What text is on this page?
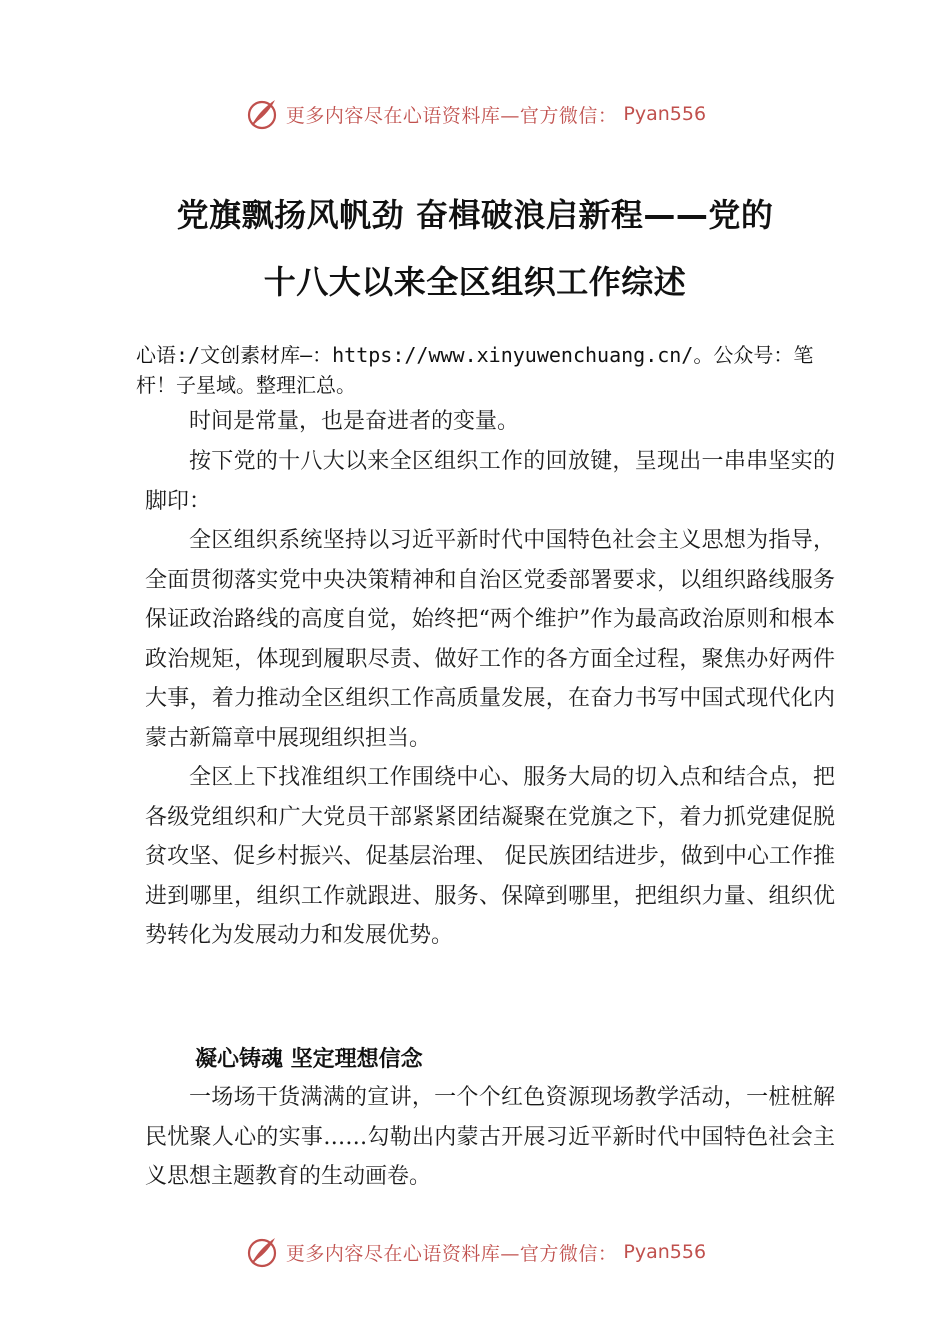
更多内容尽在心语资料库—官方微信： Pyan556
党旗飘扬风帆劲 奋楫破浪启新程——党的
十八大以来全区组织工作综述
心语:/文创素材库—：https://www.xinyuwenchuang.cn/。公众号：笔杆！子星域。整理汇总。

时间是常量，也是奋进者的变量。

按下党的十八大以来全区组织工作的回放键，呈现出一串串坚实的脚印：

全区组织系统坚持以习近平新时代中国特色社会主义思想为指导，全面贯彻落实党中央决策精神和自治区党委部署要求，以组织路线服务保证政治路线的高度自觉，始终把“两个维护”作为最高政治原则和根本政治规矩，体现到履职尽责、做好工作的各方面全过程，聚焦办好两件大事，着力推动全区组织工作高质量发展，在奋力书写中国式现代化内蒙古新篇章中展现组织担当。

全区上下找准组织工作围绕中心、服务大局的切入点和结合点，把各级党组织和广大党员干部紧紧团结凝聚在党旗之下，着力抓党建促脱贫攻坚、促乡村振兴、促基层治理、 促民族团结进步，做到中心工作推进到哪里，组织工作就跟进、服务、保障到哪里，把组织力量、组织优势转化为发展动力和发展优势。

凝心铸魂 坚定理想信念

一场场干货满满的宣讲，一个个红色资源现场教学活动，一桩桩解民忧聚人心的实事……勾勒出内蒙古开展习近平新时代中国特色社会主义思想主题教育的生动画卷。

更多内容尽在心语资料库—官方微信： Pyan556
